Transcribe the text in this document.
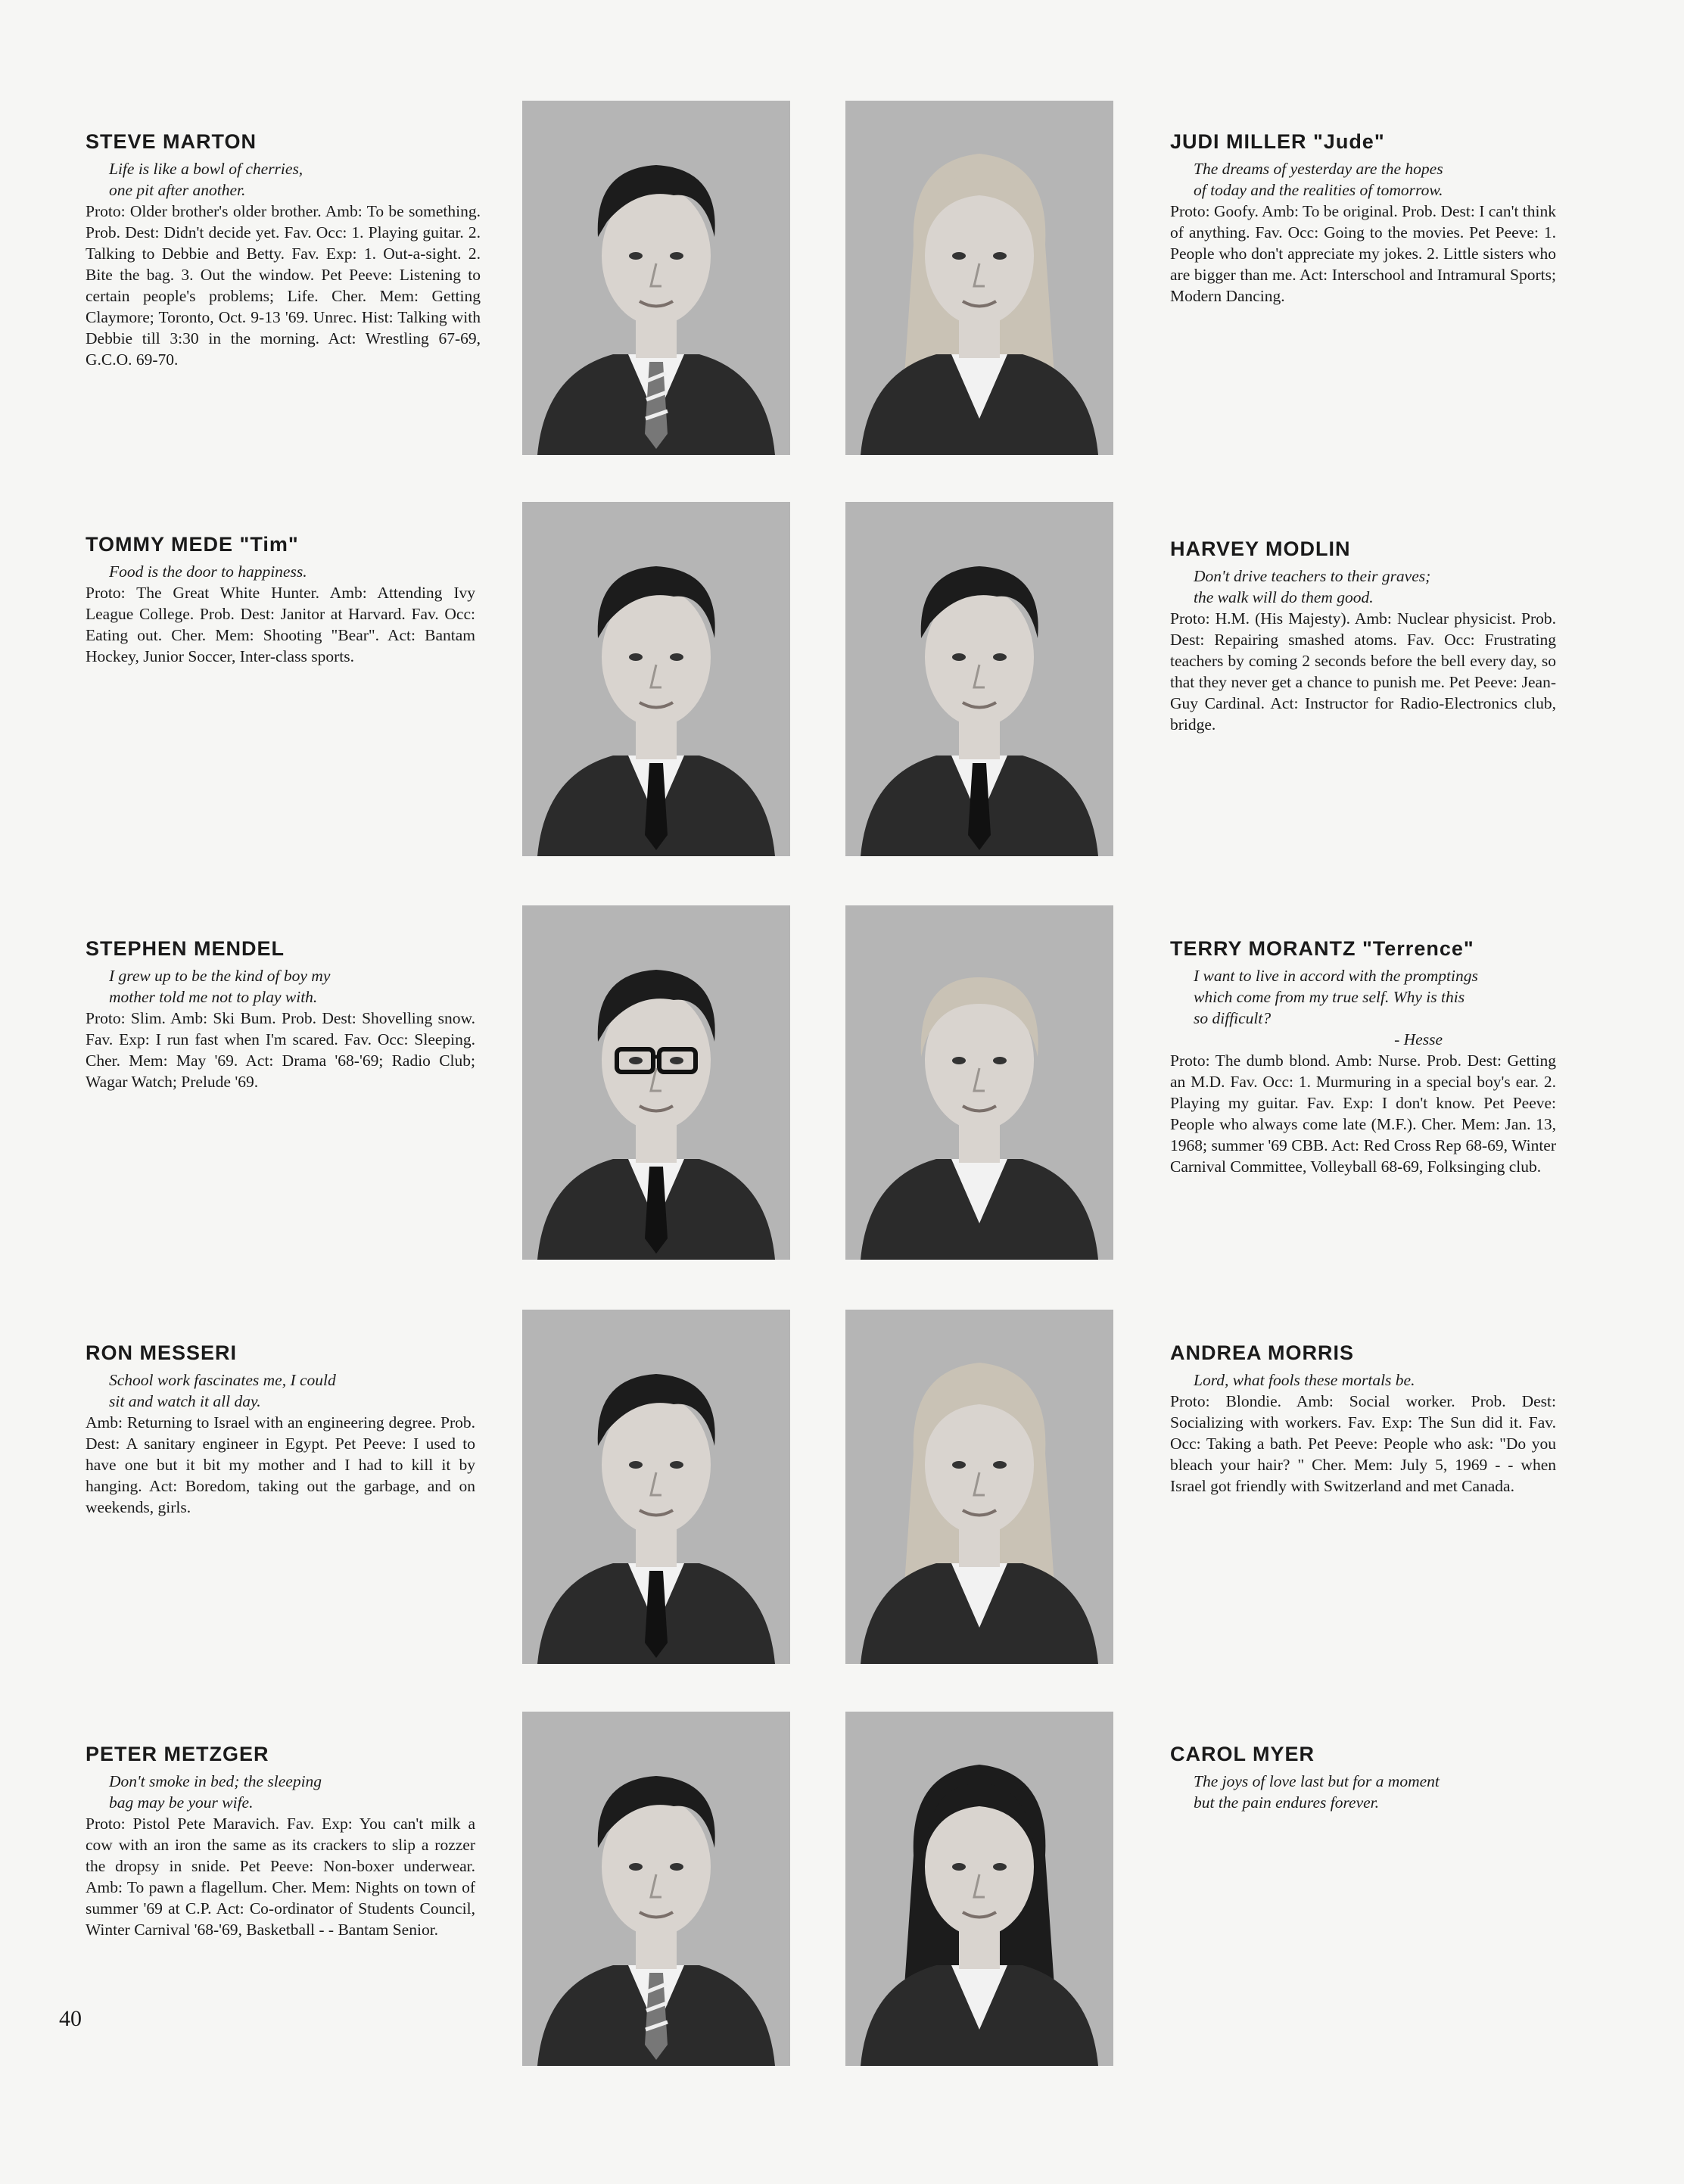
STEVE MARTON
Life is like a bowl of cherries,
one pit after another.

Proto: Older brother's older brother. Amb: To be something. Prob. Dest: Didn't decide yet. Fav. Occ: 1. Playing guitar. 2. Talking to Debbie and Betty. Fav. Exp: 1. Out-a-sight. 2. Bite the bag. 3. Out the window. Pet Peeve: Listening to certain people's problems; Life. Cher. Mem: Getting Claymore; Toronto, Oct. 9-13 '69. Unrec. Hist: Talking with Debbie till 3:30 in the morning. Act: Wrestling 67-69, G.C.O. 69-70.

JUDI MILLER "Jude"
The dreams of yesterday are the hopes
of today and the realities of tomorrow.

Proto: Goofy. Amb: To be original. Prob. Dest: I can't think of anything. Fav. Occ: Going to the movies. Pet Peeve: 1. People who don't appreciate my jokes. 2. Little sisters who are bigger than me. Act: Interschool and Intramural Sports; Modern Dancing.

TOMMY MEDE "Tim"
Food is the door to happiness.

Proto: The Great White Hunter. Amb: Attending Ivy League College. Prob. Dest: Janitor at Harvard. Fav. Occ: Eating out. Cher. Mem: Shooting "Bear". Act: Bantam Hockey, Junior Soccer, Inter-class sports.

HARVEY MODLIN
Don't drive teachers to their graves;
the walk will do them good.

Proto: H.M. (His Majesty). Amb: Nuclear physicist. Prob. Dest: Repairing smashed atoms. Fav. Occ: Frustrating teachers by coming 2 seconds before the bell every day, so that they never get a chance to punish me. Pet Peeve: Jean-Guy Cardinal. Act: Instructor for Radio-Electronics club, bridge.

STEPHEN MENDEL
I grew up to be the kind of boy my
mother told me not to play with.

Proto: Slim. Amb: Ski Bum. Prob. Dest: Shovelling snow. Fav. Exp: I run fast when I'm scared. Fav. Occ: Sleeping. Cher. Mem: May '69. Act: Drama '68-'69; Radio Club; Wagar Watch; Prelude '69.

TERRY MORANTZ "Terrence"
I want to live in accord with the promptings
which come from my true self. Why is this
so difficult?
- Hesse

Proto: The dumb blond. Amb: Nurse. Prob. Dest: Getting an M.D. Fav. Occ: 1. Murmuring in a special boy's ear. 2. Playing my guitar. Fav. Exp: I don't know. Pet Peeve: People who always come late (M.F.). Cher. Mem: Jan. 13, 1968; summer '69 CBB. Act: Red Cross Rep 68-69, Winter Carnival Committee, Volleyball 68-69, Folksinging club.

RON MESSERI
School work fascinates me, I could
sit and watch it all day.

Amb: Returning to Israel with an engineering degree. Prob. Dest: A sanitary engineer in Egypt. Pet Peeve: I used to have one but it bit my mother and I had to kill it by hanging. Act: Boredom, taking out the garbage, and on weekends, girls.

ANDREA MORRIS
Lord, what fools these mortals be.

Proto: Blondie. Amb: Social worker. Prob. Dest: Socializing with workers. Fav. Exp: The Sun did it. Fav. Occ: Taking a bath. Pet Peeve: People who ask: "Do you bleach your hair? " Cher. Mem: July 5, 1969 - - when Israel got friendly with Switzerland and met Canada.

PETER METZGER
Don't smoke in bed; the sleeping
bag may be your wife.

Proto: Pistol Pete Maravich. Fav. Exp: You can't milk a cow with an iron the same as its crackers to slip a rozzer the dropsy in snide. Pet Peeve: Non-boxer underwear. Amb: To pawn a flagellum. Cher. Mem: Nights on town of summer '69 at C.P. Act: Co-ordinator of Students Council, Winter Carnival '68-'69, Basketball - - Bantam Senior.

CAROL MYER
The joys of love last but for a moment
but the pain endures forever.

40
